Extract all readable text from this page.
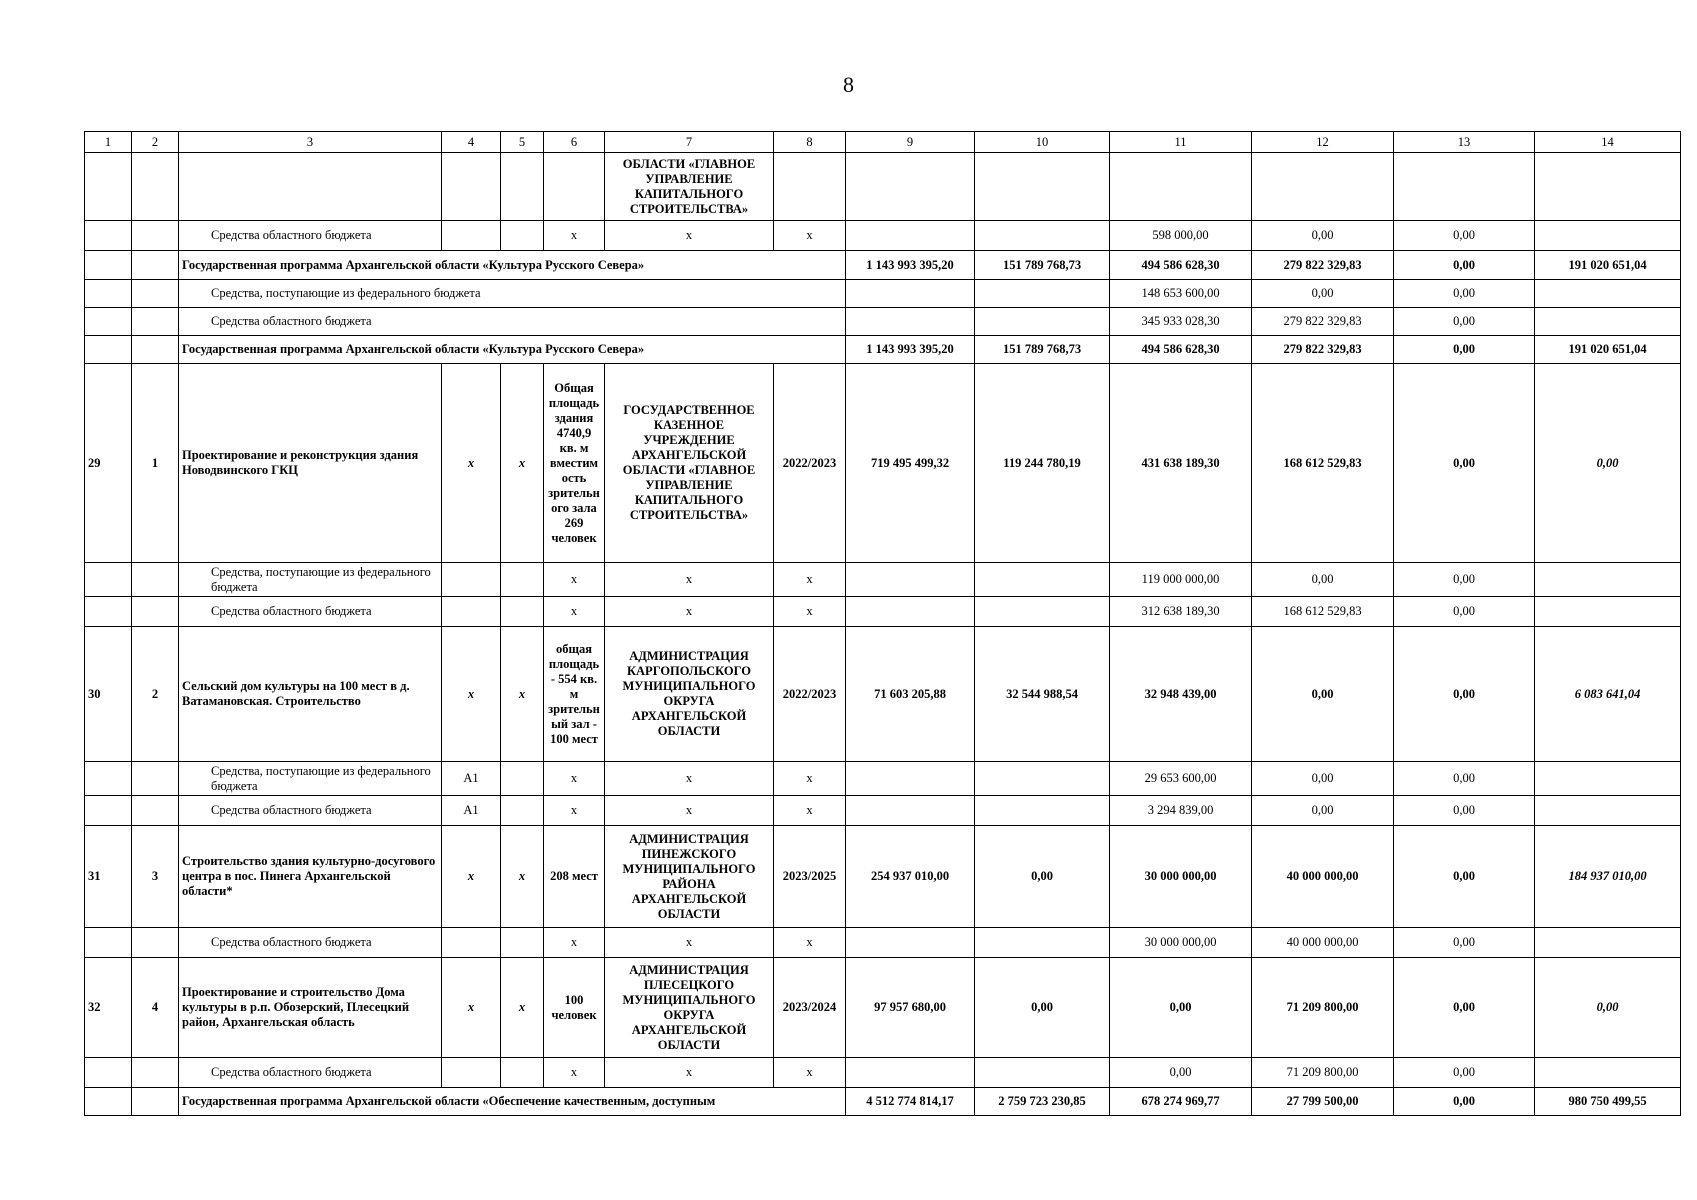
8
1	2	3	4	5	6	7	8	9	10	11	12	13	14
						ОБЛАСТИ «ГЛАВНОЕ УПРАВЛЕНИЕ КАПИТАЛЬНОГО СТРОИТЕЛЬСТВА»							
		Средства областного бюджета			х	х	х			598 000,00	0,00	0,00	
		Государственная программа Архангельской области «Культура Русского Севера»						1 143 993 395,20	151 789 768,73	494 586 628,30	279 822 329,83	0,00	191 020 651,04
		Средства, поступающие из федерального бюджета								148 653 600,00	0,00	0,00	
		Средства областного бюджета								345 933 028,30	279 822 329,83	0,00	
		Государственная программа Архангельской области «Культура Русского Севера»						1 143 993 395,20	151 789 768,73	494 586 628,30	279 822 329,83	0,00	191 020 651,04
29	1	Проектирование и реконструкция здания Новодвинского ГКЦ	х	х	Общая площадь здания 4740,9 кв. м вместимость зрительного зала 269 человек	ГОСУДАРСТВЕННОЕ КАЗЕННОЕ УЧРЕЖДЕНИЕ АРХАНГЕЛЬСКОЙ ОБЛАСТИ «ГЛАВНОЕ УПРАВЛЕНИЕ КАПИТАЛЬНОГО СТРОИТЕЛЬСТВА»	2022/2023	719 495 499,32	119 244 780,19	431 638 189,30	168 612 529,83	0,00	0,00
		Средства, поступающие из федерального бюджета			х	х	х			119 000 000,00	0,00	0,00	
		Средства областного бюджета			х	х	х			312 638 189,30	168 612 529,83	0,00	
30	2	Сельский дом культуры на 100 мест в д. Ватамановская. Строительство	х	х	общая площадь - 554 кв. м зрительный зал - 100 мест	АДМИНИСТРАЦИЯ КАРГОПОЛЬСКОГО МУНИЦИПАЛЬНОГО ОКРУГА АРХАНГЕЛЬСКОЙ ОБЛАСТИ	2022/2023	71 603 205,88	32 544 988,54	32 948 439,00	0,00	0,00	6 083 641,04
		Средства, поступающие из федерального бюджета	А1		х	х	х			29 653 600,00	0,00	0,00	
		Средства областного бюджета	А1		х	х	х			3 294 839,00	0,00	0,00	
31	3	Строительство здания культурно-досугового центра в пос. Пинега Архангельской области*	х	х	208 мест	АДМИНИСТРАЦИЯ ПИНЕЖСКОГО МУНИЦИПАЛЬНОГО РАЙОНА АРХАНГЕЛЬСКОЙ ОБЛАСТИ	2023/2025	254 937 010,00	0,00	30 000 000,00	40 000 000,00	0,00	184 937 010,00
		Средства областного бюджета			х	х	х			30 000 000,00	40 000 000,00	0,00	
32	4	Проектирование и строительство Дома культуры в р.п. Обозерский, Плесецкий район, Архангельская область	х	х	100 человек	АДМИНИСТРАЦИЯ ПЛЕСЕЦКОГО МУНИЦИПАЛЬНОГО ОКРУГА АРХАНГЕЛЬСКОЙ ОБЛАСТИ	2023/2024	97 957 680,00	0,00	0,00	71 209 800,00	0,00	0,00
		Средства областного бюджета			х	х	х			0,00	71 209 800,00	0,00	
		Государственная программа Архангельской области «Обеспечение качественным, доступным						4 512 774 814,17	2 759 723 230,85	678 274 969,77	27 799 500,00	0,00	980 750 499,55
